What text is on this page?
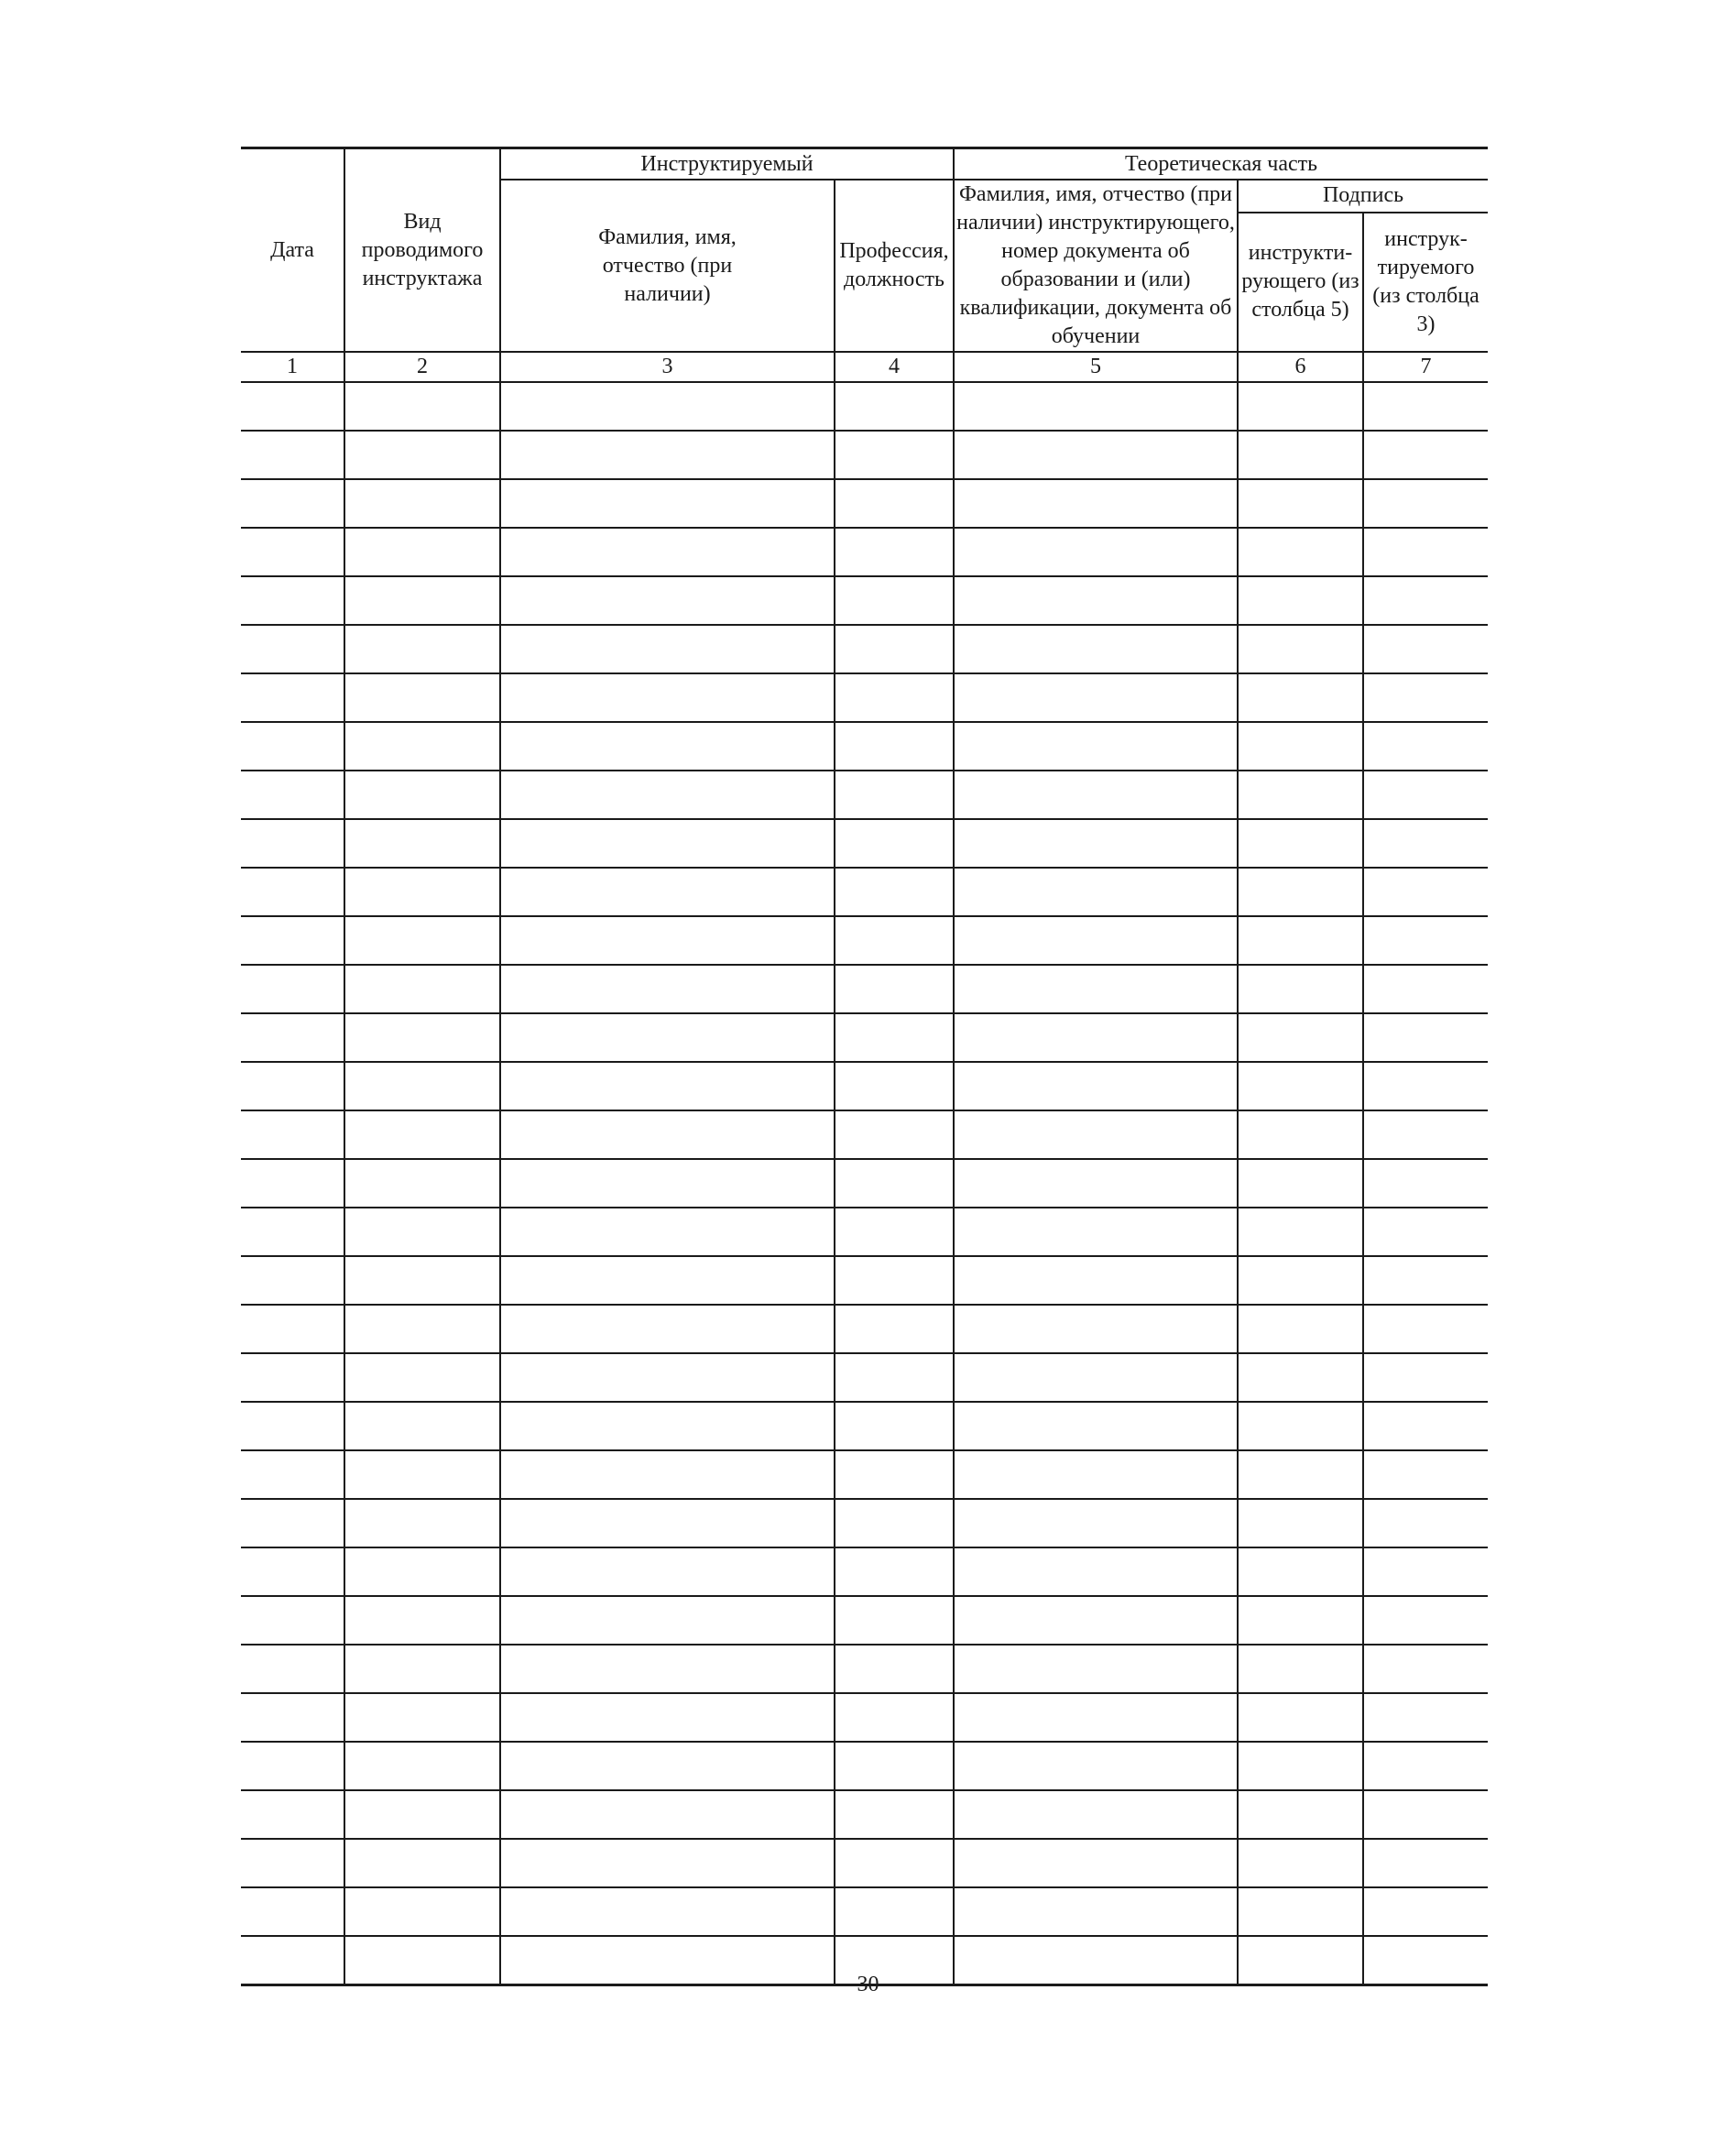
Дата	Вид проводимого инструктажа	Инструктируемый		Теоретическая часть		

		Фамилия, имя, отчество (при наличии)	Профессия, должность	Фамилия, имя, отчество (при наличии) инструктирующего, номер документа об образовании и (или) квалификации, документа об обучении	Подпись	
					инструкти-рующего (из столбца 5)	инструк-тируемого (из столбца 3)
1	2	3	4	5	6	7

30
